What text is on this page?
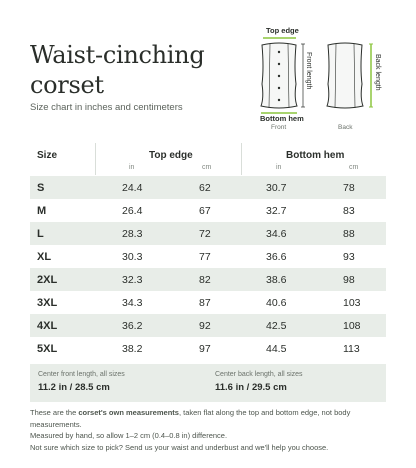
Waist-cinching
corset
Size chart in inches and centimeters
Top edge
Bottom hem
Front	Back
Front length	Back length
Size	Top edge	Bottom hem
in	cm	in	cm
S	24.4	62	30.7	78
M	26.4	67	32.7	83
L	28.3	72	34.6	88
XL	30.3	77	36.6	93
2XL	32.3	82	38.6	98
3XL	34.3	87	40.6	103
4XL	36.2	92	42.5	108
5XL	38.2	97	44.5	113
Center front length, all sizes
11.2 in / 28.5 cm
Center back length, all sizes
11.6 in / 29.5 cm

These are the corset's own measurements, taken flat along the top and bottom edge, not body measurements.

Measured by hand, so allow 1–2 cm (0.4–0.8 in) difference.

Not sure which size to pick? Send us your waist and underbust and we'll help you choose.
